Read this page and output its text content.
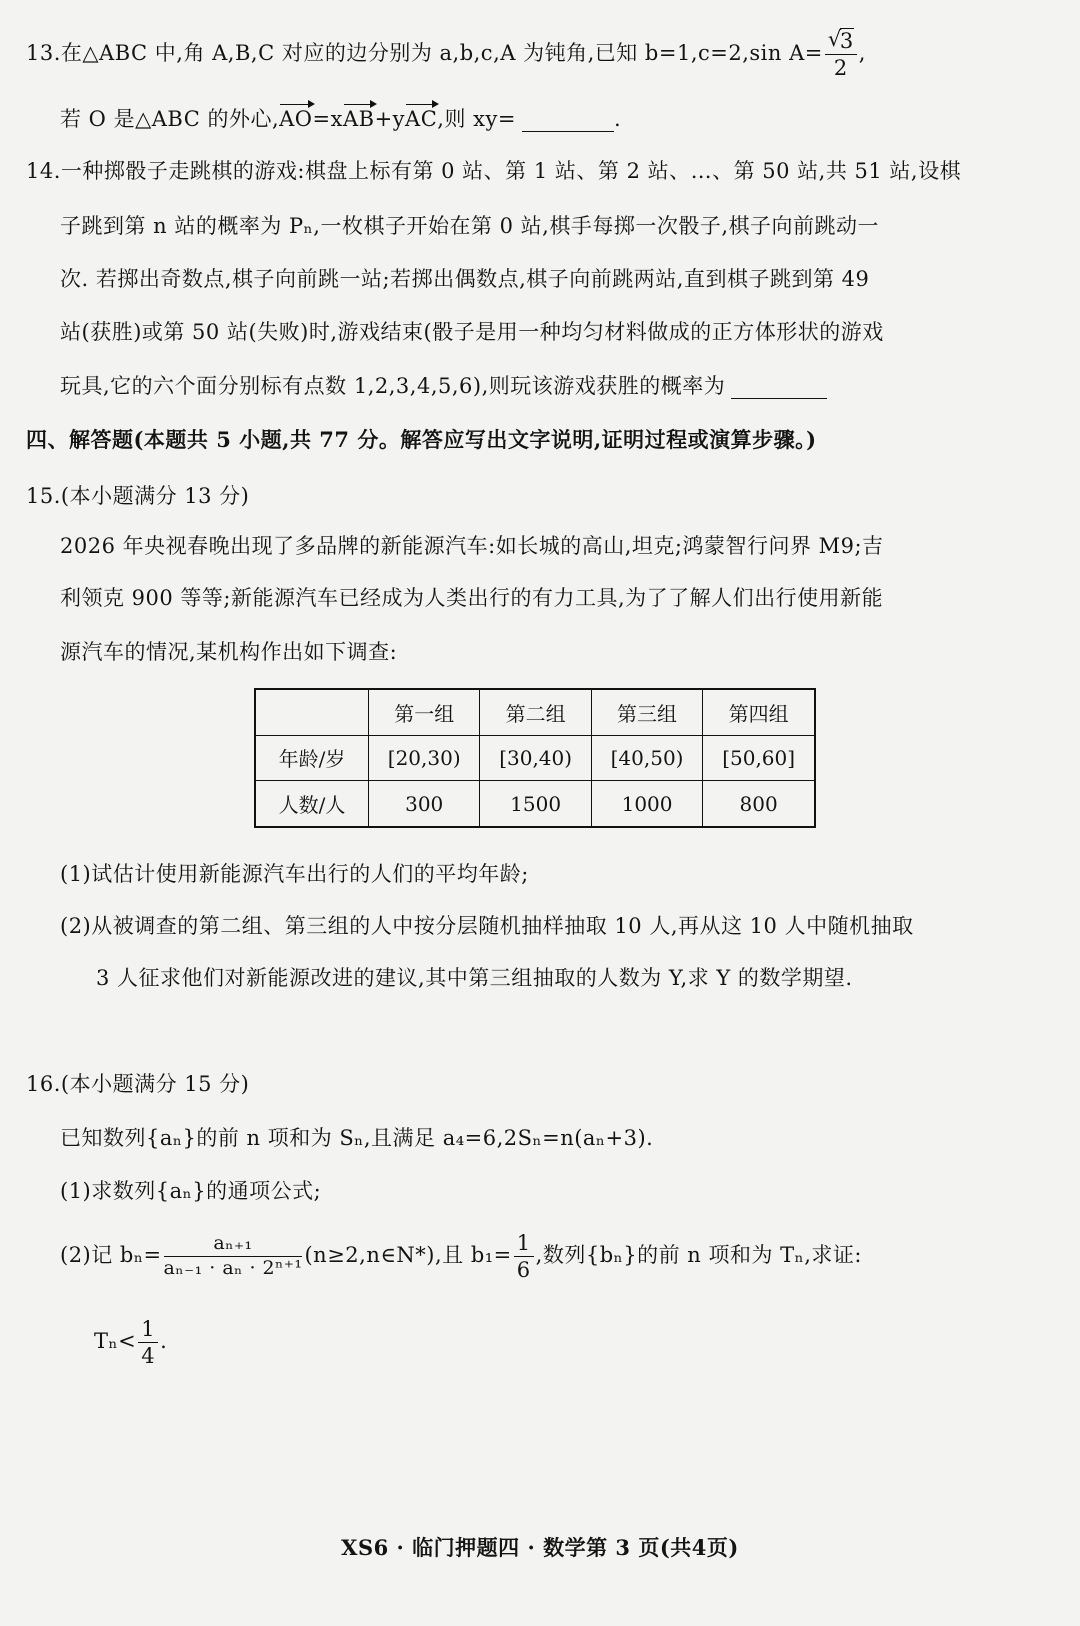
13.在△ABC 中,角 A,B,C 对应的边分别为 a,b,c,A 为钝角,已知 b=1,c=2,sin A= √ $\frac{3}{2}$ ,
若 O 是△ABC 的外心,AO=xAB+yAC,则 xy=	.
14.一种掷骰子走跳棋的游戏:棋盘上标有第 0 站、第 1 站、第 2 站、…、第 50 站,共 51 站,设棋
子跳到第 n 站的概率为 Pₙ,一枚棋子开始在第 0 站,棋手每掷一次骰子,棋子向前跳动一
次. 若掷出奇数点,棋子向前跳一站;若掷出偶数点,棋子向前跳两站,直到棋子跳到第 49
站(获胜)或第 50 站(失败)时,游戏结束(骰子是用一种均匀材料做成的正方体形状的游戏
玩具,它的六个面分别标有点数 1,2,3,4,5,6),则玩该游戏获胜的概率为
四、解答题(本题共 5 小题,共 77 分。解答应写出文字说明,证明过程或演算步骤。)
15.(本小题满分 13 分)
2026 年央视春晚出现了多品牌的新能源汽车:如长城的高山,坦克;鸿蒙智行问界 M9;吉
利领克 900 等等;新能源汽车已经成为人类出行的有力工具,为了了解人们出行使用新能
源汽车的情况,某机构作出如下调查:
	第一组	第二组	第三组	第四组
年龄/岁	[20,30)	[30,40)	[40,50)	[50,60]
人数/人	300	1500	1000	800
(1)试估计使用新能源汽车出行的人们的平均年龄;
(2)从被调查的第二组、第三组的人中按分层随机抽样抽取 10 人,再从这 10 人中随机抽取
3 人征求他们对新能源改进的建议,其中第三组抽取的人数为 Y,求 Y 的数学期望.
16.(本小题满分 15 分)
已知数列{aₙ}的前 n 项和为 Sₙ,且满足 a₄=6,2Sₙ=n(aₙ+3).
(1)求数列{aₙ}的通项公式;
(2)记 $b_n= \frac{\text{aₙ₊₁}}{\text{aₙ₋₁ · aₙ · 2ⁿ⁺¹}}$ (n≥2,n∈N*),且 $b_1= \frac{1}{6}$ ,数列{bₙ}的前 n 项和为 Tₙ,求证:
$T_n< \frac{1}{4}$ .
XS6 · 临门押题四 · 数学第 3 页(共4页)
